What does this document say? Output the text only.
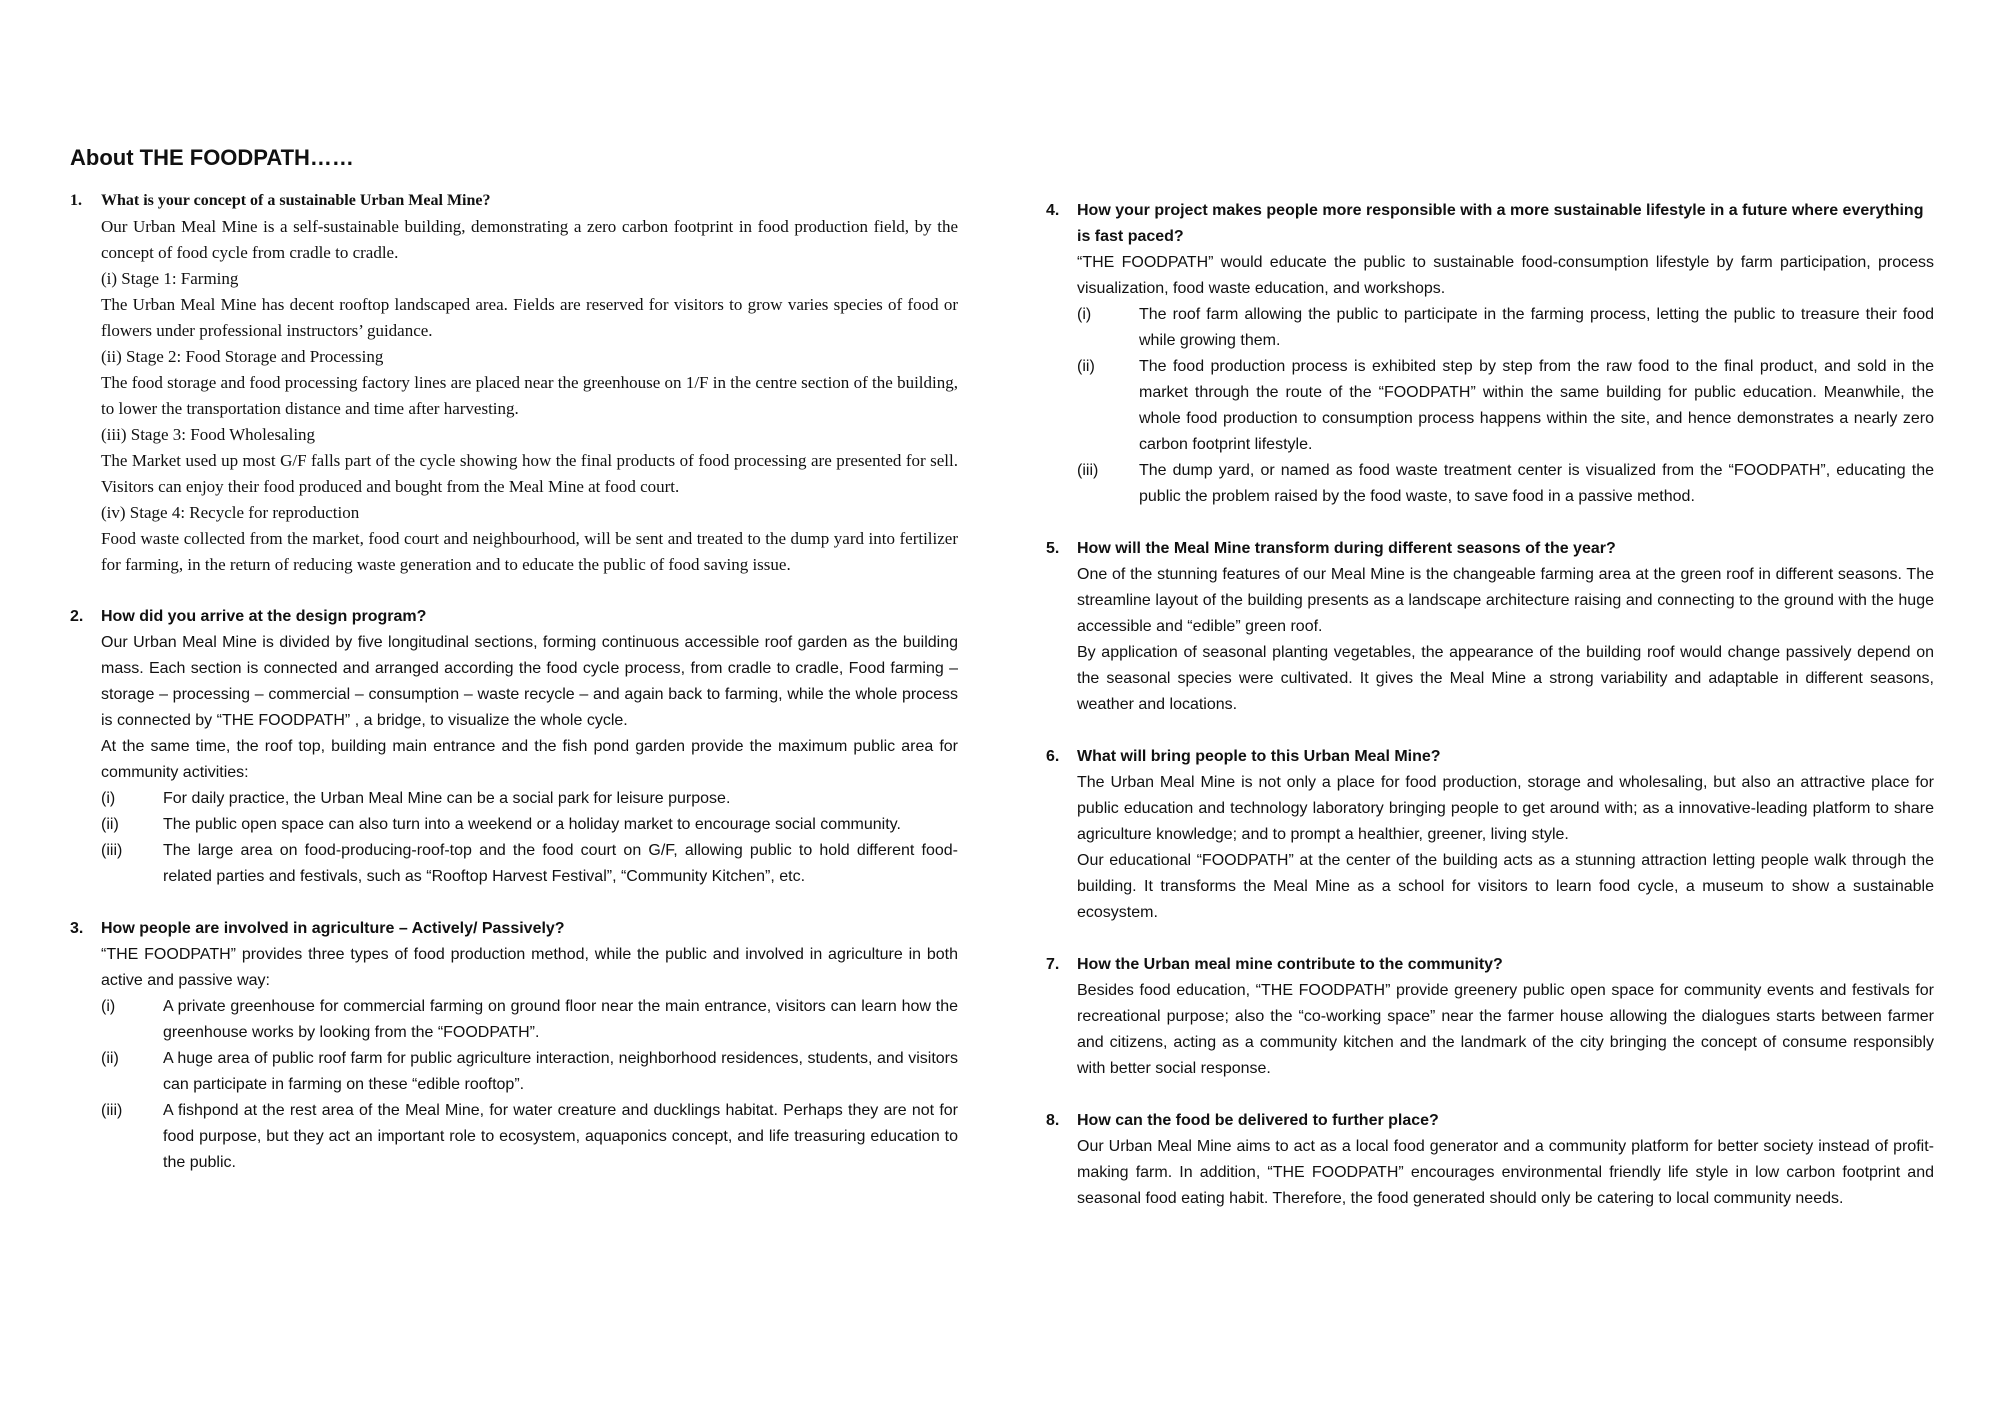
About THE FOODPATH……
1.	What is your concept of a sustainable Urban Meal Mine?

Our Urban Meal Mine is a self-sustainable building, demonstrating a zero carbon footprint in food production field, by the concept of food cycle from cradle to cradle.

(i) Stage 1: Farming

The Urban Meal Mine has decent rooftop landscaped area. Fields are reserved for visitors to grow varies species of food or flowers under professional instructors’ guidance.

(ii) Stage 2: Food Storage and Processing

The food storage and food processing factory lines are placed near the greenhouse on 1/F in the centre section of the building, to lower the transportation distance and time after harvesting.

(iii) Stage 3: Food Wholesaling

The Market used up most G/F falls part of the cycle showing how the final products of food processing are presented for sell. Visitors can enjoy their food produced and bought from the Meal Mine at food court.

(iv) Stage 4: Recycle for reproduction

Food waste collected from the market, food court and neighbourhood, will be sent and treated to the dump yard into fertilizer for farming, in the return of reducing waste generation and to educate the public of food saving issue.

2.	How did you arrive at the design program?

Our Urban Meal Mine is divided by five longitudinal sections, forming continuous accessible roof garden as the building mass. Each section is connected and arranged according the food cycle process, from cradle to cradle, Food farming – storage – processing – commercial – consumption – waste recycle – and again back to farming, while the whole process is connected by “THE FOODPATH” , a bridge, to visualize the whole cycle.

At the same time, the roof top, building main entrance and the fish pond garden provide the maximum public area for community activities:

(i)	For daily practice, the Urban Meal Mine can be a social park for leisure purpose.
(ii)	The public open space can also turn into a weekend or a holiday market to encourage social community.
(iii)	The large area on food-producing-roof-top and the food court on G/F, allowing public to hold different food-related parties and festivals, such as “Rooftop Harvest Festival”, “Community Kitchen”, etc.
3.	How people are involved in agriculture – Actively/ Passively?

“THE FOODPATH” provides three types of food production method, while the public and involved in agriculture in both active and passive way:

(i)	A private greenhouse for commercial farming on ground floor near the main entrance, visitors can learn how the greenhouse works by looking from the “FOODPATH”.
(ii)	A huge area of public roof farm for public agriculture interaction, neighborhood residences, students, and visitors can participate in farming on these “edible rooftop”.
(iii)	A fishpond at the rest area of the Meal Mine, for water creature and ducklings habitat. Perhaps they are not for food purpose, but they act an important role to ecosystem, aquaponics concept, and life treasuring education to the public.
4.	How your project makes people more responsible with a more sustainable lifestyle in a future where everything is fast paced?

“THE FOODPATH” would educate the public to sustainable food-consumption lifestyle by farm participation, process visualization, food waste education, and workshops.

(i)	The roof farm allowing the public to participate in the farming process, letting the public to treasure their food while growing them.
(ii)	The food production process is exhibited step by step from the raw food to the final product, and sold in the market through the route of the “FOODPATH” within the same building for public education. Meanwhile, the whole food production to consumption process happens within the site, and hence demonstrates a nearly zero carbon footprint lifestyle.
(iii)	The dump yard, or named as food waste treatment center is visualized from the “FOODPATH”, educating the public the problem raised by the food waste, to save food in a passive method.
5.	How will the Meal Mine transform during different seasons of the year?

One of the stunning features of our Meal Mine is the changeable farming area at the green roof in different seasons. The streamline layout of the building presents as a landscape architecture raising and connecting to the ground with the huge accessible and “edible” green roof.

By application of seasonal planting vegetables, the appearance of the building roof would change passively depend on the seasonal species were cultivated. It gives the Meal Mine a strong variability and adaptable in different seasons, weather and locations.

6.	What will bring people to this Urban Meal Mine?

The Urban Meal Mine is not only a place for food production, storage and wholesaling, but also an attractive place for public education and technology laboratory bringing people to get around with; as a innovative-leading platform to share agriculture knowledge; and to prompt a healthier, greener, living style.

Our educational “FOODPATH” at the center of the building acts as a stunning attraction letting people walk through the building. It transforms the Meal Mine as a school for visitors to learn food cycle, a museum to show a sustainable ecosystem.

7.	How the Urban meal mine contribute to the community?

Besides food education, “THE FOODPATH” provide greenery public open space for community events and festivals for recreational purpose; also the “co-working space” near the farmer house allowing the dialogues starts between farmer and citizens, acting as a community kitchen and the landmark of the city bringing the concept of consume responsibly with better social response.

8.	How can the food be delivered to further place?

Our Urban Meal Mine aims to act as a local food generator and a community platform for better society instead of profit-making farm. In addition, “THE FOODPATH” encourages environmental friendly life style in low carbon footprint and seasonal food eating habit. Therefore, the food generated should only be catering to local community needs.
